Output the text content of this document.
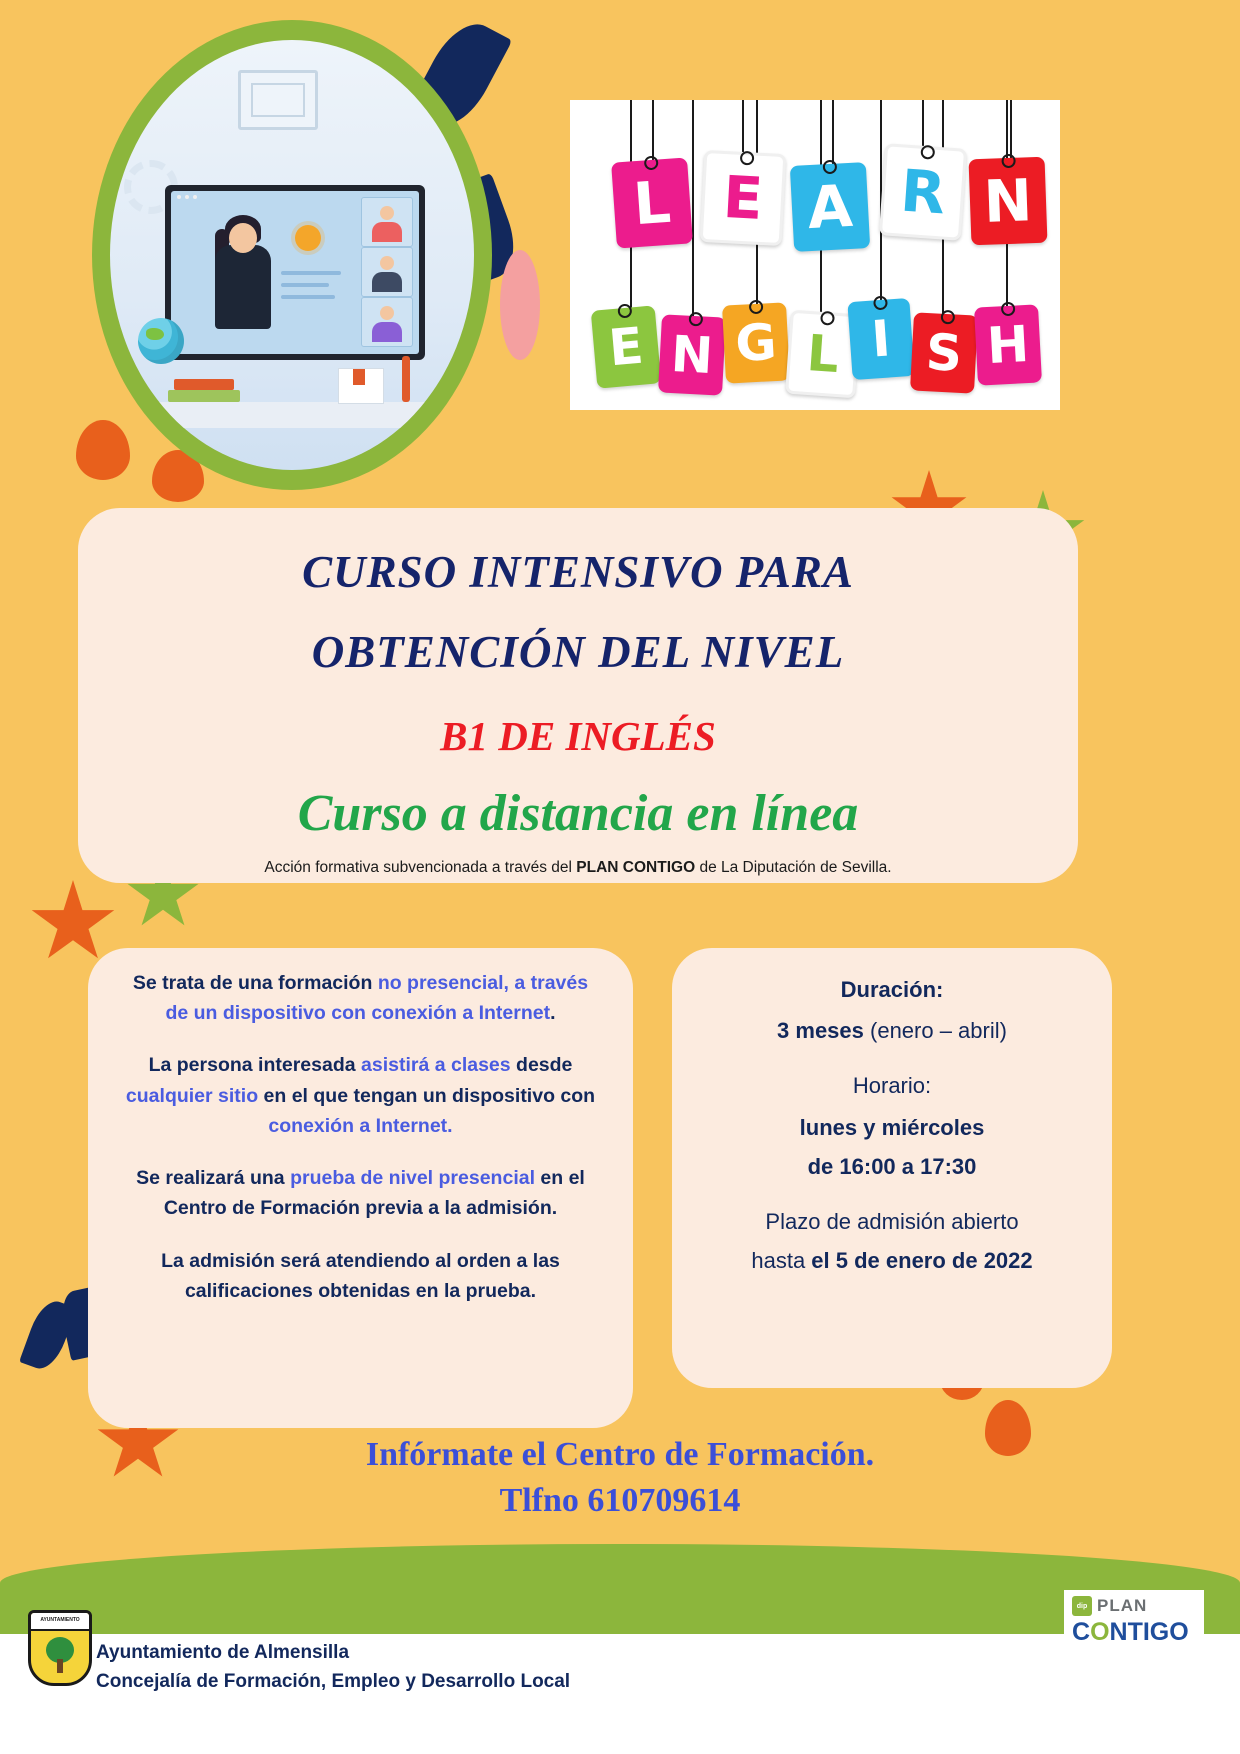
L E A R N
E N G L I S H
CURSO INTENSIVO PARA
OBTENCIÓN DEL NIVEL
B1 DE INGLÉS
Curso a distancia en línea
Acción formativa subvencionada a través del PLAN CONTIGO de La Diputación de Sevilla.

Se trata de una formación no presencial, a través de un dispositivo con conexión a Internet.

La persona interesada asistirá a clases desde cualquier sitio en el que tengan un dispositivo con conexión a Internet.

Se realizará una prueba de nivel presencial en el Centro de Formación previa a la admisión.

La admisión será atendiendo al orden a las calificaciones obtenidas en la prueba.

Duración:

3 meses (enero – abril)

Horario:

lunes y miércoles

de 16:00 a 17:30

Plazo de admisión abierto

hasta el 5 de enero de 2022

Infórmate el Centro de Formación.
Tlfno 610709614
AYUNTAMIENTO
Ayuntamiento de Almensilla
Concejalía de Formación, Empleo y Desarrollo Local
dip PLAN
CONTIGO
